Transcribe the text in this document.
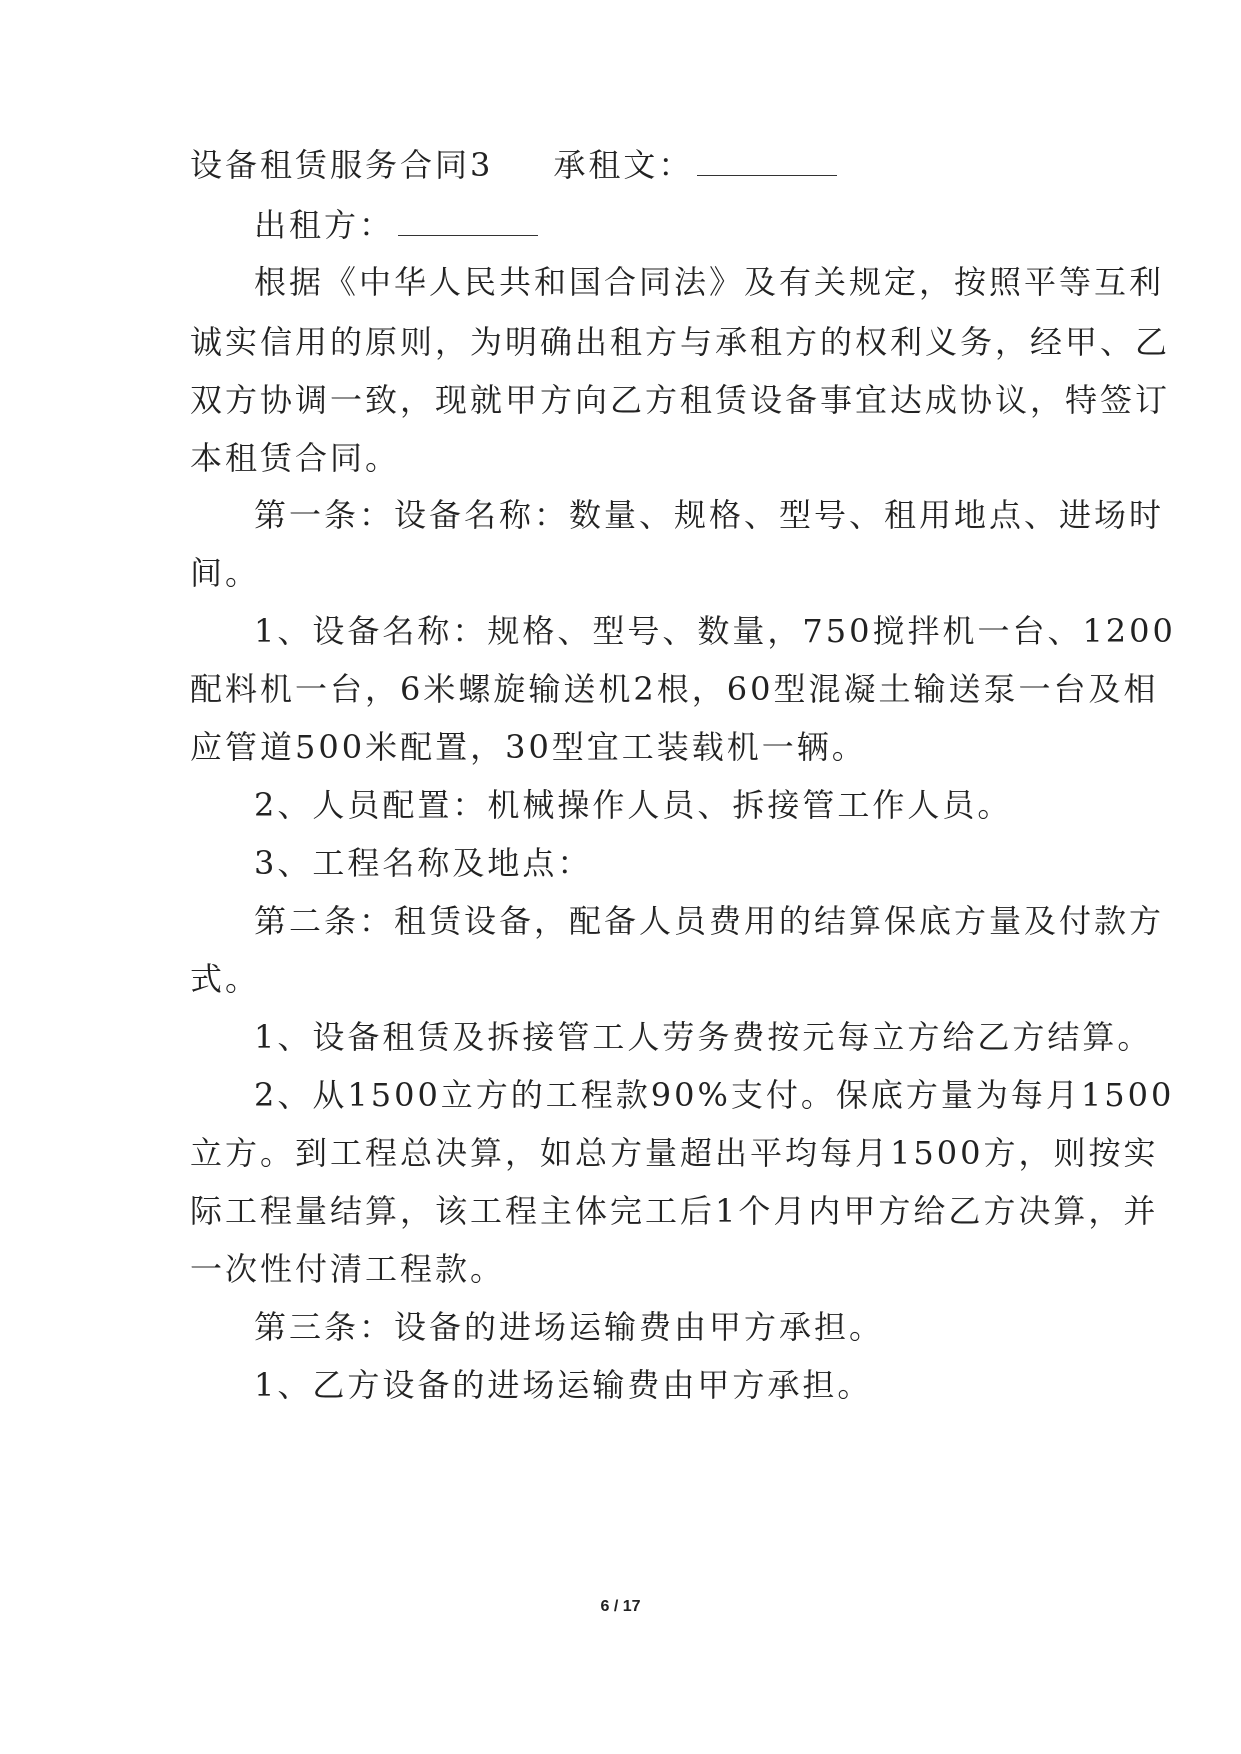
设备租赁服务合同3 承租文：
出租方：
根据《中华人民共和国合同法》及有关规定，按照平等互利
诚实信用的原则，为明确出租方与承租方的权利义务，经甲、乙
双方协调一致，现就甲方向乙方租赁设备事宜达成协议，特签订
本租赁合同。
第一条：设备名称：数量、规格、型号、租用地点、进场时
间。
1、设备名称：规格、型号、数量，750搅拌机一台、1200
配料机一台，6米螺旋输送机2根，60型混凝土输送泵一台及相
应管道500米配置，30型宜工装载机一辆。
2、人员配置：机械操作人员、拆接管工作人员。
3、工程名称及地点：
第二条：租赁设备，配备人员费用的结算保底方量及付款方
式。
1、设备租赁及拆接管工人劳务费按元每立方给乙方结算。
2、从1500立方的工程款90%支付。保底方量为每月1500
立方。到工程总决算，如总方量超出平均每月1500方，则按实
际工程量结算，该工程主体完工后1个月内甲方给乙方决算，并
一次性付清工程款。
第三条：设备的进场运输费由甲方承担。
1、乙方设备的进场运输费由甲方承担。
6 / 17
